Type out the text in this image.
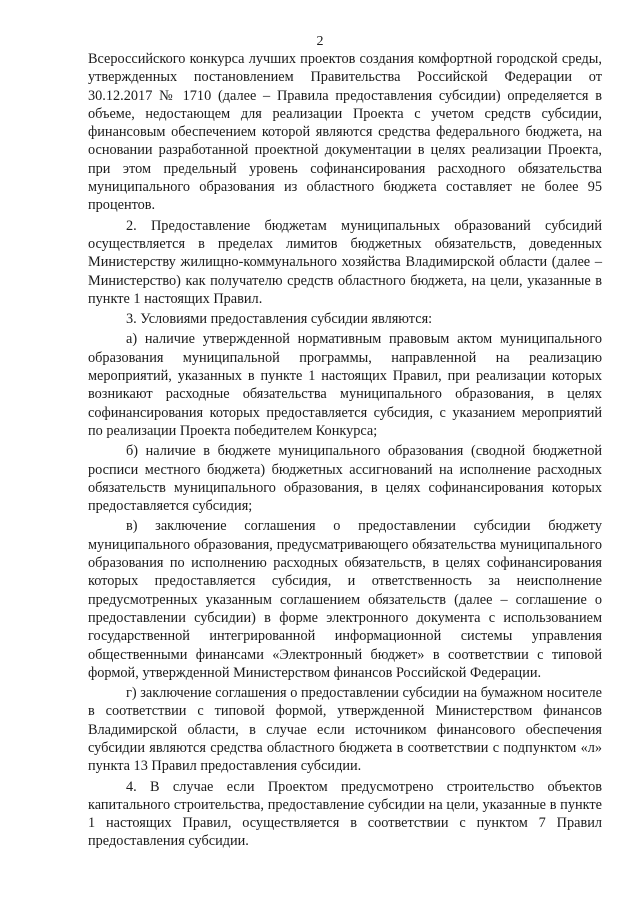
2

Всероссийского конкурса лучших проектов создания комфортной городской среды, утвержденных постановлением Правительства Российской Федерации от 30.12.2017 № 1710 (далее – Правила предоставления субсидии) определяется в объеме, недостающем для реализации Проекта с учетом средств субсидии, финансовым обеспечением которой являются средства федерального бюджета, на основании разработанной проектной документации в целях реализации Проекта, при этом предельный уровень софинансирования расходного обязательства муниципального образования из областного бюджета составляет не более 95 процентов.

2. Предоставление бюджетам муниципальных образований субсидий осуществляется в пределах лимитов бюджетных обязательств, доведенных Министерству жилищно-коммунального хозяйства Владимирской области (далее – Министерство) как получателю средств областного бюджета, на цели, указанные в пункте 1 настоящих Правил.

3. Условиями предоставления субсидии являются:

а) наличие утвержденной нормативным правовым актом муниципального образования муниципальной программы, направленной на реализацию мероприятий, указанных в пункте 1 настоящих Правил, при реализации которых возникают расходные обязательства муниципального образования, в целях софинансирования которых предоставляется субсидия, с указанием мероприятий по реализации Проекта победителем Конкурса;

б) наличие в бюджете муниципального образования (сводной бюджетной росписи местного бюджета) бюджетных ассигнований на исполнение расходных обязательств муниципального образования, в целях софинансирования которых предоставляется субсидия;

в) заключение соглашения о предоставлении субсидии бюджету муниципального образования, предусматривающего обязательства муниципального образования по исполнению расходных обязательств, в целях софинансирования которых предоставляется субсидия, и ответственность за неисполнение предусмотренных указанным соглашением обязательств (далее – соглашение о предоставлении субсидии) в форме электронного документа с использованием государственной интегрированной информационной системы управления общественными финансами «Электронный бюджет» в соответствии с типовой формой, утвержденной Министерством финансов Российской Федерации.

г) заключение соглашения о предоставлении субсидии на бумажном носителе в соответствии с типовой формой, утвержденной Министерством финансов Владимирской области, в случае если источником финансового обеспечения субсидии являются средства областного бюджета в соответствии с подпунктом «л» пункта 13 Правил предоставления субсидии.

4. В случае если Проектом предусмотрено строительство объектов капитального строительства, предоставление субсидии на цели, указанные в пункте 1 настоящих Правил, осуществляется в соответствии с пунктом 7 Правил предоставления субсидии.
